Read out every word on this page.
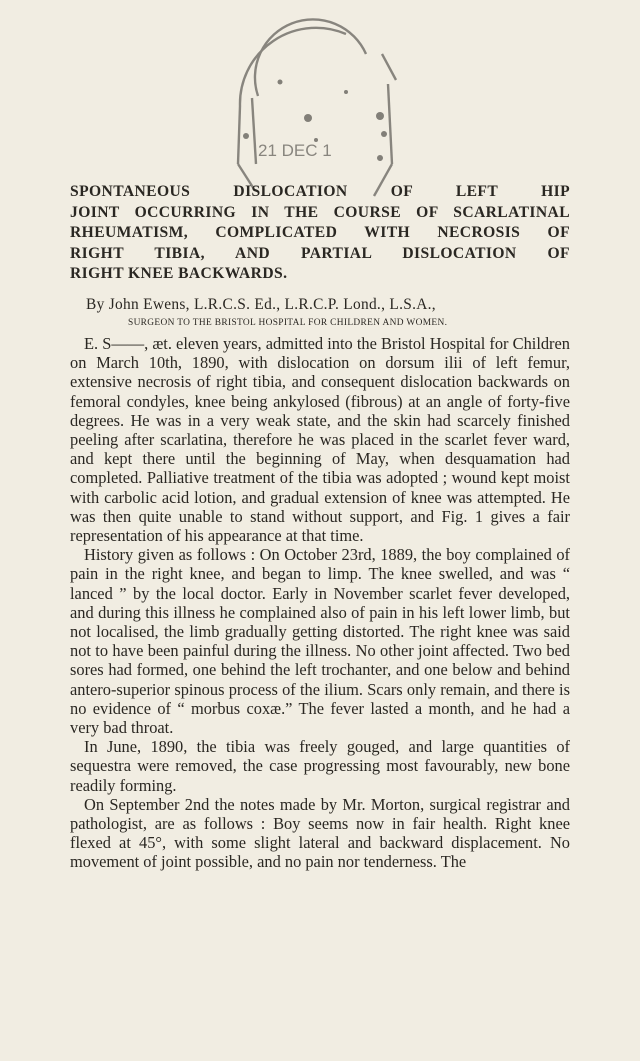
21 DEC 1
SPONTANEOUS DISLOCATION OF LEFT HIP
JOINT OCCURRING IN THE COURSE OF SCARLATINAL
RHEUMATISM, COMPLICATED WITH NECROSIS OF
RIGHT TIBIA, AND PARTIAL DISLOCATION OF
RIGHT KNEE BACKWARDS.
By John Ewens, L.R.C.S. Ed., L.R.C.P. Lond., L.S.A.,
SURGEON TO THE BRISTOL HOSPITAL FOR CHILDREN AND WOMEN.

E. S——, æt. eleven years, admitted into the Bristol Hospital for Children on March 10th, 1890, with dislocation on dorsum ilii of left femur, extensive necrosis of right tibia, and consequent dislocation backwards on femoral condyles, knee being ankylosed (fibrous) at an angle of forty-five degrees. He was in a very weak state, and the skin had scarcely finished peeling after scarlatina, therefore he was placed in the scarlet fever ward, and kept there until the beginning of May, when desquamation had completed. Palliative treatment of the tibia was adopted ; wound kept moist with carbolic acid lotion, and gradual extension of knee was attempted. He was then quite unable to stand without support, and Fig. 1 gives a fair representation of his appearance at that time.

History given as follows : On October 23rd, 1889, the boy complained of pain in the right knee, and began to limp. The knee swelled, and was “ lanced ” by the local doctor. Early in November scarlet fever developed, and during this illness he complained also of pain in his left lower limb, but not localised, the limb gradually getting distorted. The right knee was said not to have been painful during the illness. No other joint affected. Two bed sores had formed, one behind the left trochanter, and one below and behind antero-superior spinous process of the ilium. Scars only remain, and there is no evidence of “ morbus coxæ.” The fever lasted a month, and he had a very bad throat.

In June, 1890, the tibia was freely gouged, and large quantities of sequestra were removed, the case progressing most favourably, new bone readily forming.

On September 2nd the notes made by Mr. Morton, surgical registrar and pathologist, are as follows : Boy seems now in fair health. Right knee flexed at 45°, with some slight lateral and backward displacement. No movement of joint possible, and no pain nor tenderness. The
